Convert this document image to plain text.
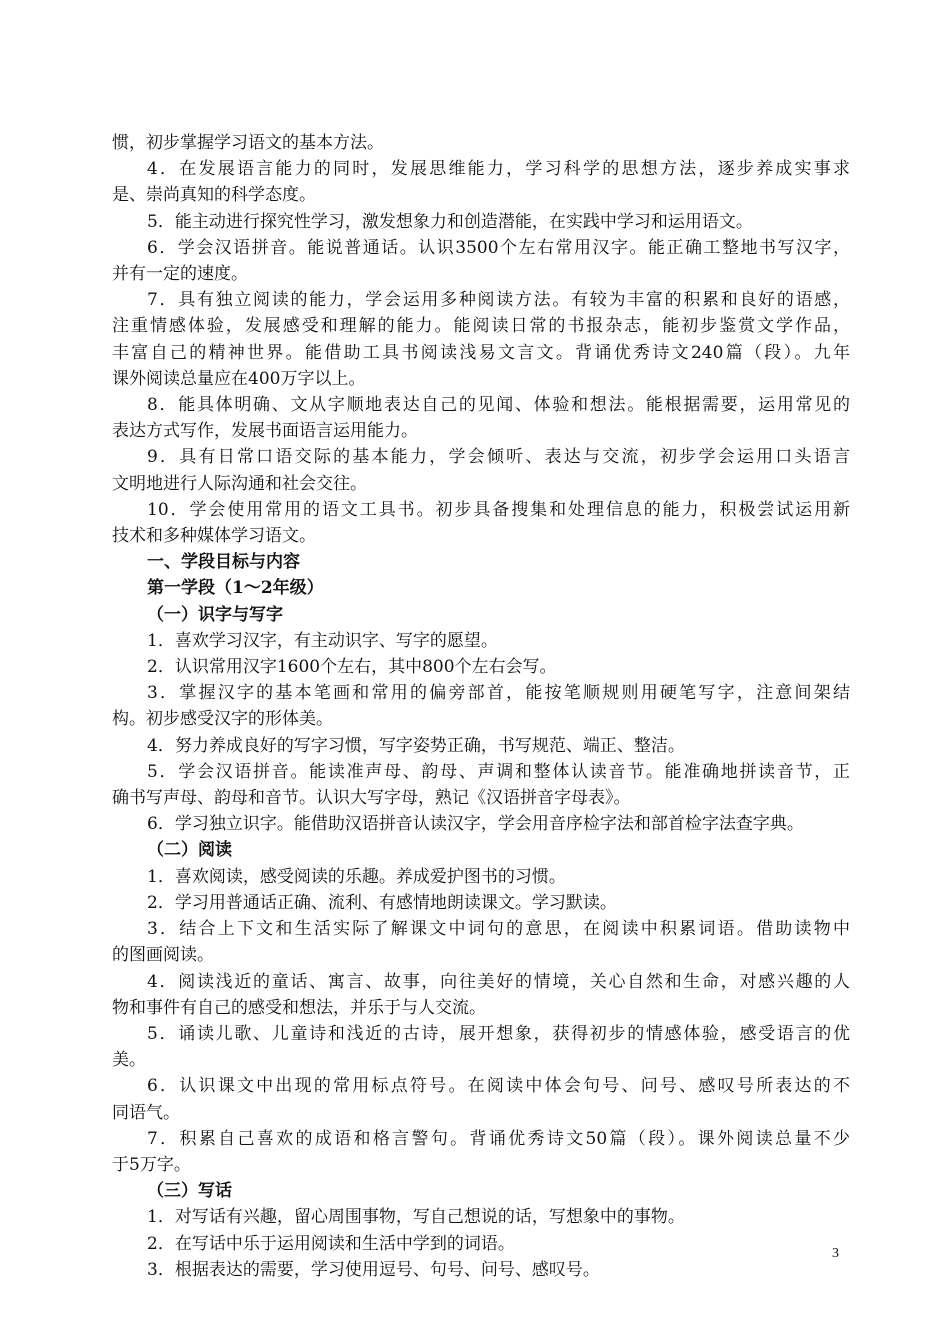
惯，初步掌握学习语文的基本方法。

4．在发展语言能力的同时，发展思维能力，学习科学的思想方法，逐步养成实事求

是、崇尚真知的科学态度。

5．能主动进行探究性学习，激发想象力和创造潜能，在实践中学习和运用语文。

6．学会汉语拼音。能说普通话。认识3500个左右常用汉字。能正确工整地书写汉字，

并有一定的速度。

7．具有独立阅读的能力，学会运用多种阅读方法。有较为丰富的积累和良好的语感，

注重情感体验，发展感受和理解的能力。能阅读日常的书报杂志，能初步鉴赏文学作品，

丰富自己的精神世界。能借助工具书阅读浅易文言文。背诵优秀诗文240篇（段）。九年

课外阅读总量应在400万字以上。

8．能具体明确、文从字顺地表达自己的见闻、体验和想法。能根据需要，运用常见的

表达方式写作，发展书面语言运用能力。

9．具有日常口语交际的基本能力，学会倾听、表达与交流，初步学会运用口头语言

文明地进行人际沟通和社会交往。

10．学会使用常用的语文工具书。初步具备搜集和处理信息的能力，积极尝试运用新

技术和多种媒体学习语文。

一、学段目标与内容

第一学段（1～2年级）

（一）识字与写字

1．喜欢学习汉字，有主动识字、写字的愿望。

2．认识常用汉字1600个左右，其中800个左右会写。

3．掌握汉字的基本笔画和常用的偏旁部首，能按笔顺规则用硬笔写字，注意间架结

构。初步感受汉字的形体美。

4．努力养成良好的写字习惯，写字姿势正确，书写规范、端正、整洁。

5．学会汉语拼音。能读准声母、韵母、声调和整体认读音节。能准确地拼读音节，正

确书写声母、韵母和音节。认识大写字母，熟记《汉语拼音字母表》。

6．学习独立识字。能借助汉语拼音认读汉字，学会用音序检字法和部首检字法查字典。

（二）阅读

1．喜欢阅读，感受阅读的乐趣。养成爱护图书的习惯。

2．学习用普通话正确、流利、有感情地朗读课文。学习默读。

3．结合上下文和生活实际了解课文中词句的意思，在阅读中积累词语。借助读物中

的图画阅读。

4．阅读浅近的童话、寓言、故事，向往美好的情境，关心自然和生命，对感兴趣的人

物和事件有自己的感受和想法，并乐于与人交流。

5．诵读儿歌、儿童诗和浅近的古诗，展开想象，获得初步的情感体验，感受语言的优

美。

6．认识课文中出现的常用标点符号。在阅读中体会句号、问号、感叹号所表达的不

同语气。

7．积累自己喜欢的成语和格言警句。背诵优秀诗文50篇（段）。课外阅读总量不少

于5万字。

（三）写话

1．对写话有兴趣，留心周围事物，写自己想说的话，写想象中的事物。

2．在写话中乐于运用阅读和生活中学到的词语。

3．根据表达的需要，学习使用逗号、句号、问号、感叹号。

3
